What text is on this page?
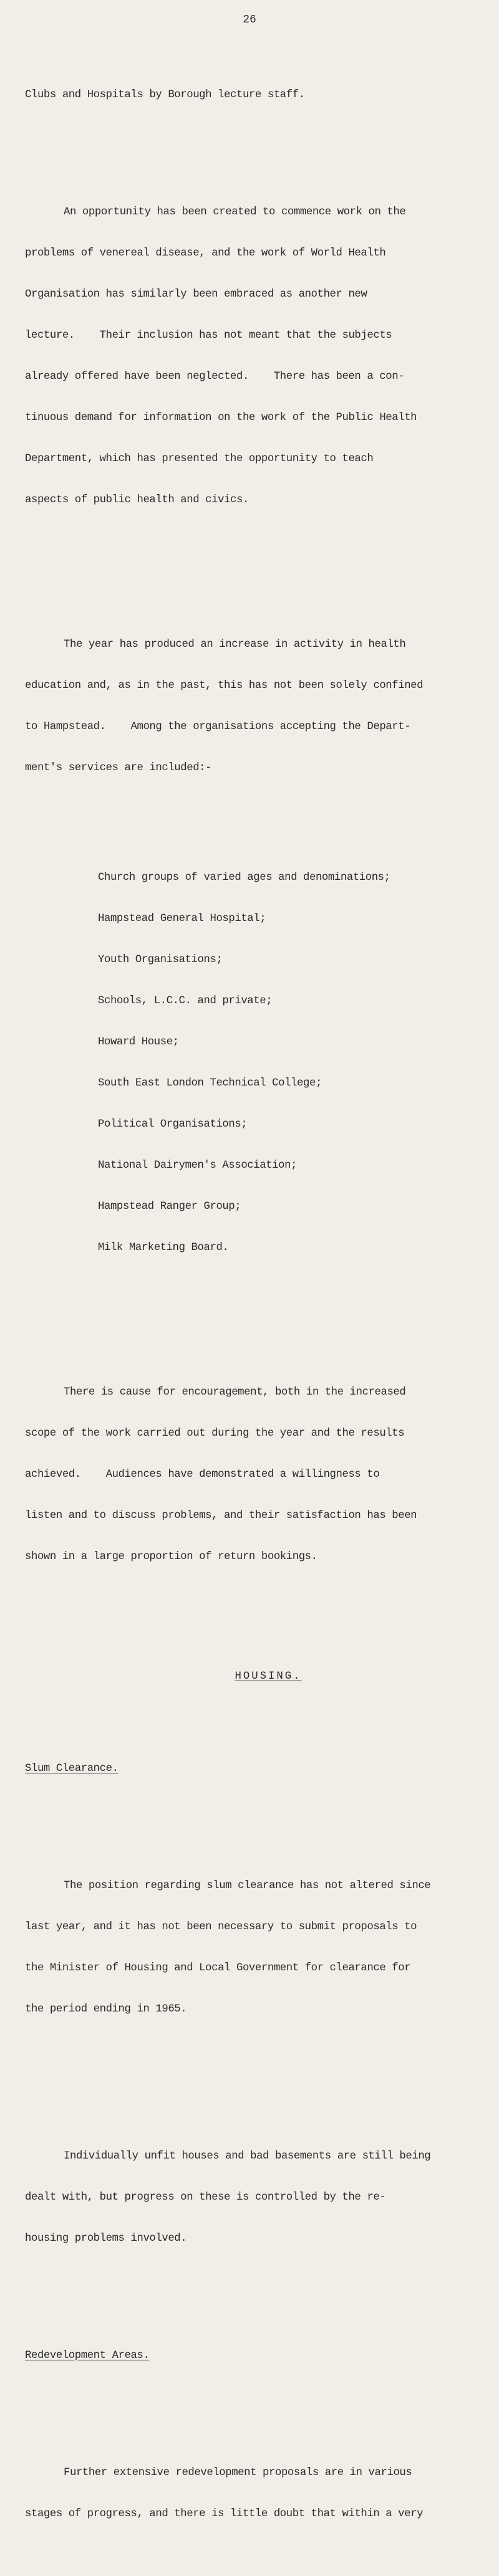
26

Clubs and Hospitals by Borough lecture staff.

An opportunity has been created to commence work on the

problems of venereal disease, and the work of World Health

Organisation has similarly been embraced as another new

lecture.    Their inclusion has not meant that the subjects

already offered have been neglected.    There has been a con-

tinuous demand for information on the work of the Public Health

Department, which has presented the opportunity to teach

aspects of public health and civics.

The year has produced an increase in activity in health

education and, as in the past, this has not been solely confined

to Hampstead.    Among the organisations accepting the Depart-

ment's services are included:-

Church groups of varied ages and denominations;

Hampstead General Hospital;

Youth Organisations;

Schools, L.C.C. and private;

Howard House;

South East London Technical College;

Political Organisations;

National Dairymen's Association;

Hampstead Ranger Group;

Milk Marketing Board.

There is cause for encouragement, both in the increased

scope of the work carried out during the year and the results

achieved.    Audiences have demonstrated a willingness to

listen and to discuss problems, and their satisfaction has been

shown in a large proportion of return bookings.

HOUSING.

Slum Clearance.

The position regarding slum clearance has not altered since

last year, and it has not been necessary to submit proposals to

the Minister of Housing and Local Government for clearance for

the period ending in 1965.

Individually unfit houses and bad basements are still being

dealt with, but progress on these is controlled by the re-

housing problems involved.

Redevelopment Areas.

Further extensive redevelopment proposals are in various

stages of progress, and there is little doubt that within a very
